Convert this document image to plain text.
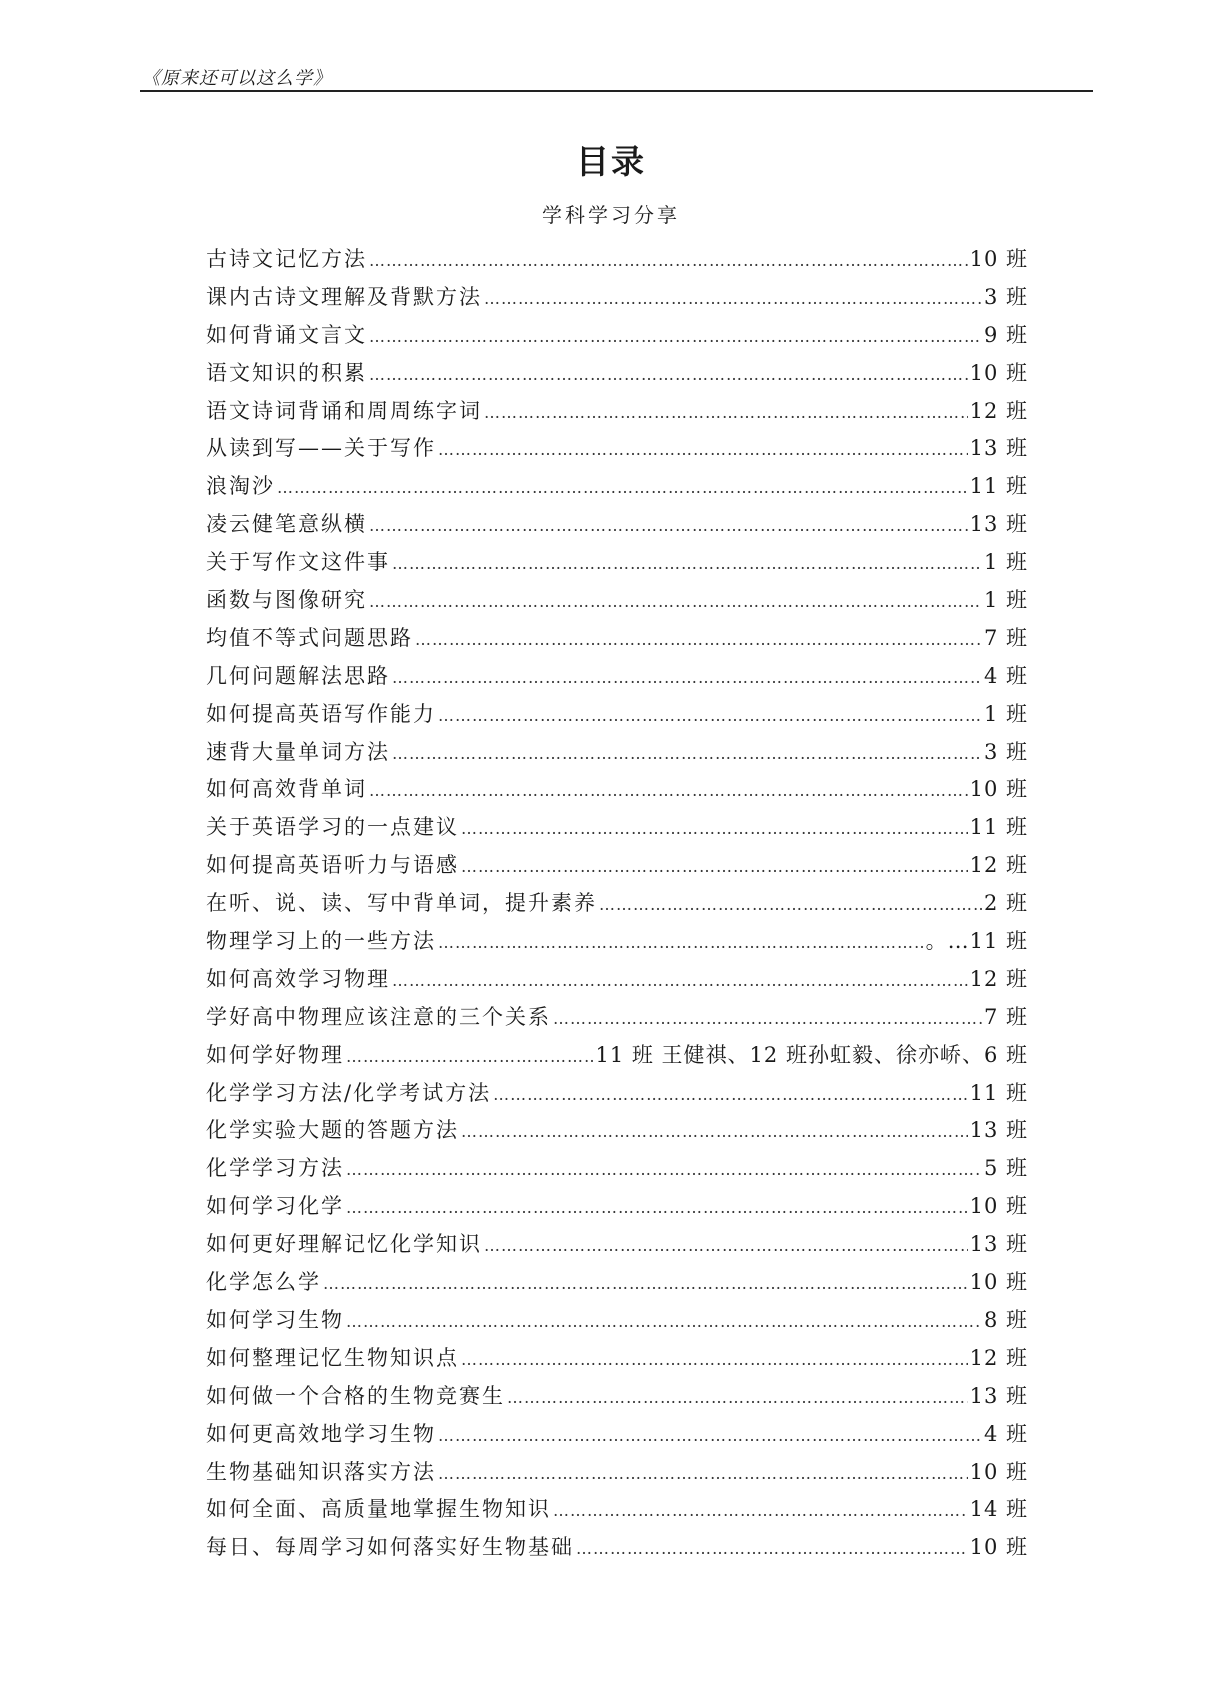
《原来还可以这么学》
目录
学科学习分享
古诗文记忆方法 ……………………………………………………………………………………………………………………………………………………………………………………………………………………	10 班
课内古诗文理解及背默方法 ……………………………………………………………………………………………………………………………………………………………………………………………………………………	3 班
如何背诵文言文 ……………………………………………………………………………………………………………………………………………………………………………………………………………………	9 班
语文知识的积累 ……………………………………………………………………………………………………………………………………………………………………………………………………………………	10 班
语文诗词背诵和周周练字词 ……………………………………………………………………………………………………………………………………………………………………………………………………………………	12 班
从读到写——关于写作 ……………………………………………………………………………………………………………………………………………………………………………………………………………………	13 班
浪淘沙 ……………………………………………………………………………………………………………………………………………………………………………………………………………………	11 班
凌云健笔意纵横 ……………………………………………………………………………………………………………………………………………………………………………………………………………………	13 班
关于写作文这件事 ……………………………………………………………………………………………………………………………………………………………………………………………………………………	1 班
函数与图像研究 ……………………………………………………………………………………………………………………………………………………………………………………………………………………	1 班
均值不等式问题思路 ……………………………………………………………………………………………………………………………………………………………………………………………………………………	7 班
几何问题解法思路 ……………………………………………………………………………………………………………………………………………………………………………………………………………………	4 班
如何提高英语写作能力 ……………………………………………………………………………………………………………………………………………………………………………………………………………………	1 班
速背大量单词方法 ……………………………………………………………………………………………………………………………………………………………………………………………………………………	3 班
如何高效背单词 ……………………………………………………………………………………………………………………………………………………………………………………………………………………	10 班
关于英语学习的一点建议 ……………………………………………………………………………………………………………………………………………………………………………………………………………………	11 班
如何提高英语听力与语感 ……………………………………………………………………………………………………………………………………………………………………………………………………………………	12 班
在听、说、读、写中背单词，提升素养 ……………………………………………………………………………………………………………………………………………………………………………………………………………………	2 班
物理学习上的一些方法 ……………………………………………………………………………………………………………………………………………………………………………………………………………………	。…11 班
如何高效学习物理 ……………………………………………………………………………………………………………………………………………………………………………………………………………………	12 班
学好高中物理应该注意的三个关系 ……………………………………………………………………………………………………………………………………………………………………………………………………………………	7 班
如何学好物理 ……………………………………………………………………………………………………………………………………………………………………………………………………………………	11 班 王健祺、12 班孙虹毅、徐亦峤、6 班
化学学习方法/化学考试方法 ……………………………………………………………………………………………………………………………………………………………………………………………………………………	11 班
化学实验大题的答题方法 ……………………………………………………………………………………………………………………………………………………………………………………………………………………	13 班
化学学习方法 ……………………………………………………………………………………………………………………………………………………………………………………………………………………	5 班
如何学习化学 ……………………………………………………………………………………………………………………………………………………………………………………………………………………	10 班
如何更好理解记忆化学知识 ……………………………………………………………………………………………………………………………………………………………………………………………………………………	13 班
化学怎么学 ……………………………………………………………………………………………………………………………………………………………………………………………………………………	10 班
如何学习生物 ……………………………………………………………………………………………………………………………………………………………………………………………………………………	8 班
如何整理记忆生物知识点 ……………………………………………………………………………………………………………………………………………………………………………………………………………………	12 班
如何做一个合格的生物竞赛生 ……………………………………………………………………………………………………………………………………………………………………………………………………………………	13 班
如何更高效地学习生物 ……………………………………………………………………………………………………………………………………………………………………………………………………………………	4 班
生物基础知识落实方法 ……………………………………………………………………………………………………………………………………………………………………………………………………………………	10 班
如何全面、高质量地掌握生物知识 ……………………………………………………………………………………………………………………………………………………………………………………………………………………	14 班
每日、每周学习如何落实好生物基础 ……………………………………………………………………………………………………………………………………………………………………………………………………………………	10 班
